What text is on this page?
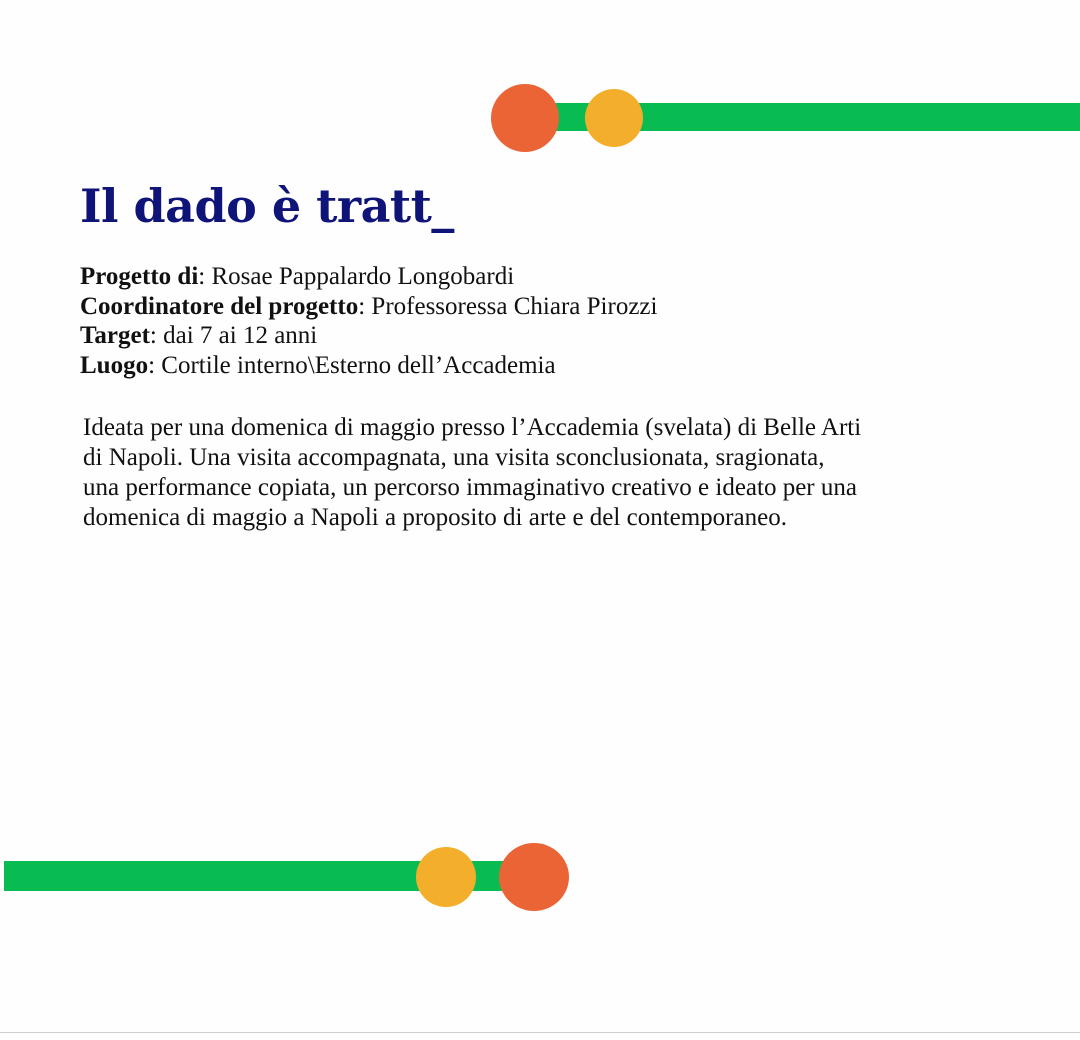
Il dado è tratt_

Progetto di: Rosae Pappalardo Longobardi

Coordinatore del progetto: Professoressa Chiara Pirozzi

Target: dai 7 ai 12 anni

Luogo: Cortile interno\Esterno dell’Accademia

Ideata per una domenica di maggio presso l’Accademia (svelata) di Belle Arti
di Napoli. Una visita accompagnata, una visita sconclusionata, sragionata,
una performance copiata, un percorso immaginativo creativo e ideato per una
domenica di maggio a Napoli a proposito di arte e del contemporaneo.
